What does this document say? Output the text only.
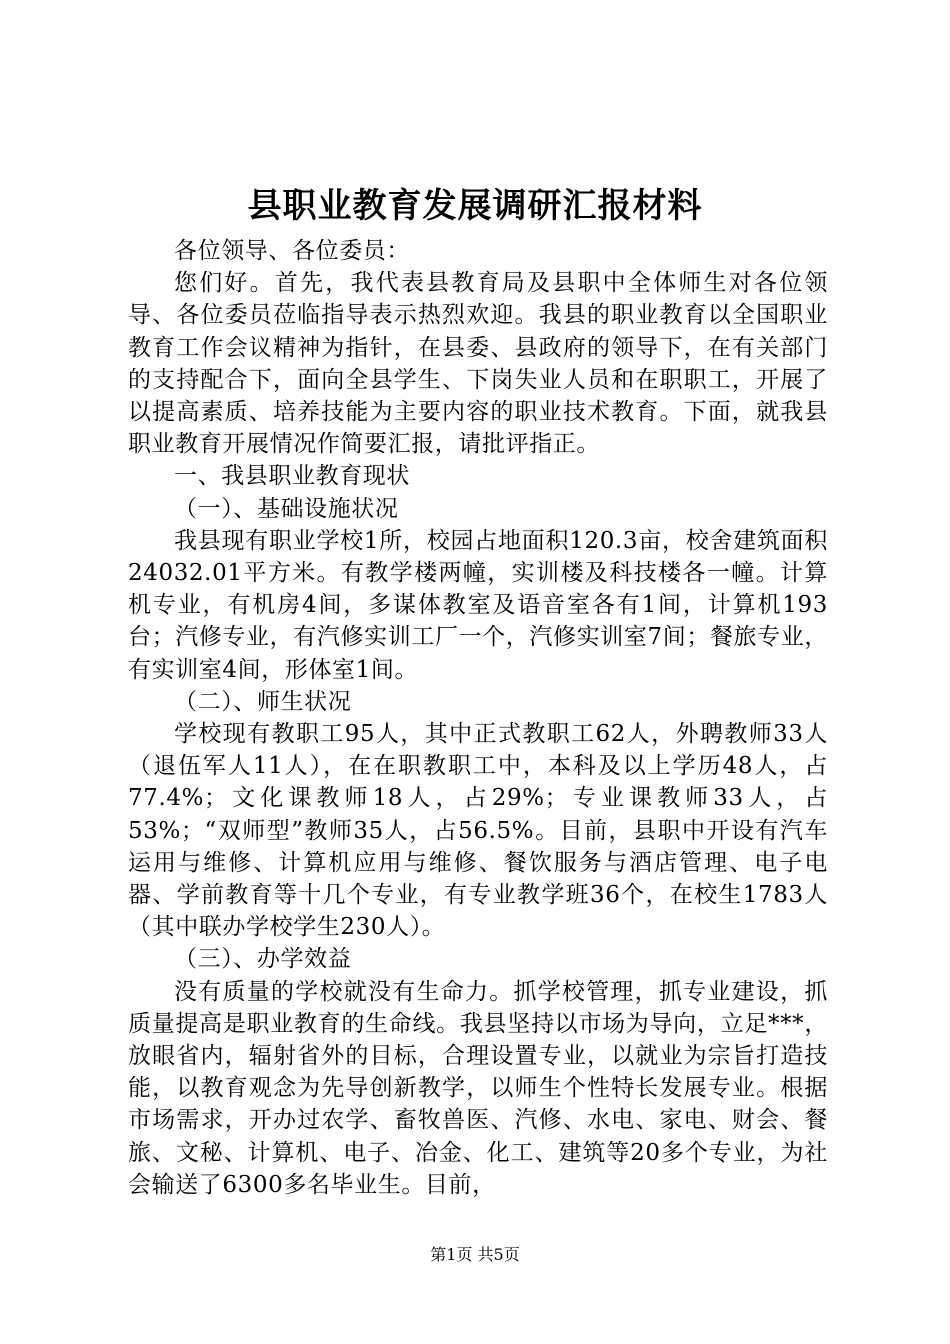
县职业教育发展调研汇报材料

各位领导、各位委员：

您们好。首先，我代表县教育局及县职中全体师生对各位领导、各位委员莅临指导表示热烈欢迎。我县的职业教育以全国职业教育工作会议精神为指针，在县委、县政府的领导下，在有关部门的支持配合下，面向全县学生、下岗失业人员和在职职工，开展了以提高素质、培养技能为主要内容的职业技术教育。下面，就我县职业教育开展情况作简要汇报，请批评指正。

一、我县职业教育现状

（一）、基础设施状况

我县现有职业学校1所，校园占地面积120.3亩，校舍建筑面积24032.01平方米。有教学楼两幢，实训楼及科技楼各一幢。计算机专业，有机房4间，多谋体教室及语音室各有1间，计算机193台；汽修专业，有汽修实训工厂一个，汽修实训室7间；餐旅专业，有实训室4间，形体室1间。

（二）、师生状况

学校现有教职工95人，其中正式教职工62人，外聘教师33人（退伍军人11人），在在职教职工中，本科及以上学历48人，占77.4%；文化课教师18人，占29%；专业课教师33人，占53%；“双师型”教师35人，占56.5%。目前，县职中开设有汽车运用与维修、计算机应用与维修、餐饮服务与酒店管理、电子电器、学前教育等十几个专业，有专业教学班36个，在校生1783人（其中联办学校学生230人）。

（三）、办学效益

没有质量的学校就没有生命力。抓学校管理，抓专业建设，抓质量提高是职业教育的生命线。我县坚持以市场为导向，立足***，放眼省内，辐射省外的目标，合理设置专业，以就业为宗旨打造技能，以教育观念为先导创新教学，以师生个性特长发展专业。根据市场需求，开办过农学、畜牧兽医、汽修、水电、家电、财会、餐旅、文秘、计算机、电子、冶金、化工、建筑等20多个专业，为社会输送了6300多名毕业生。目前，

第1页 共5页
